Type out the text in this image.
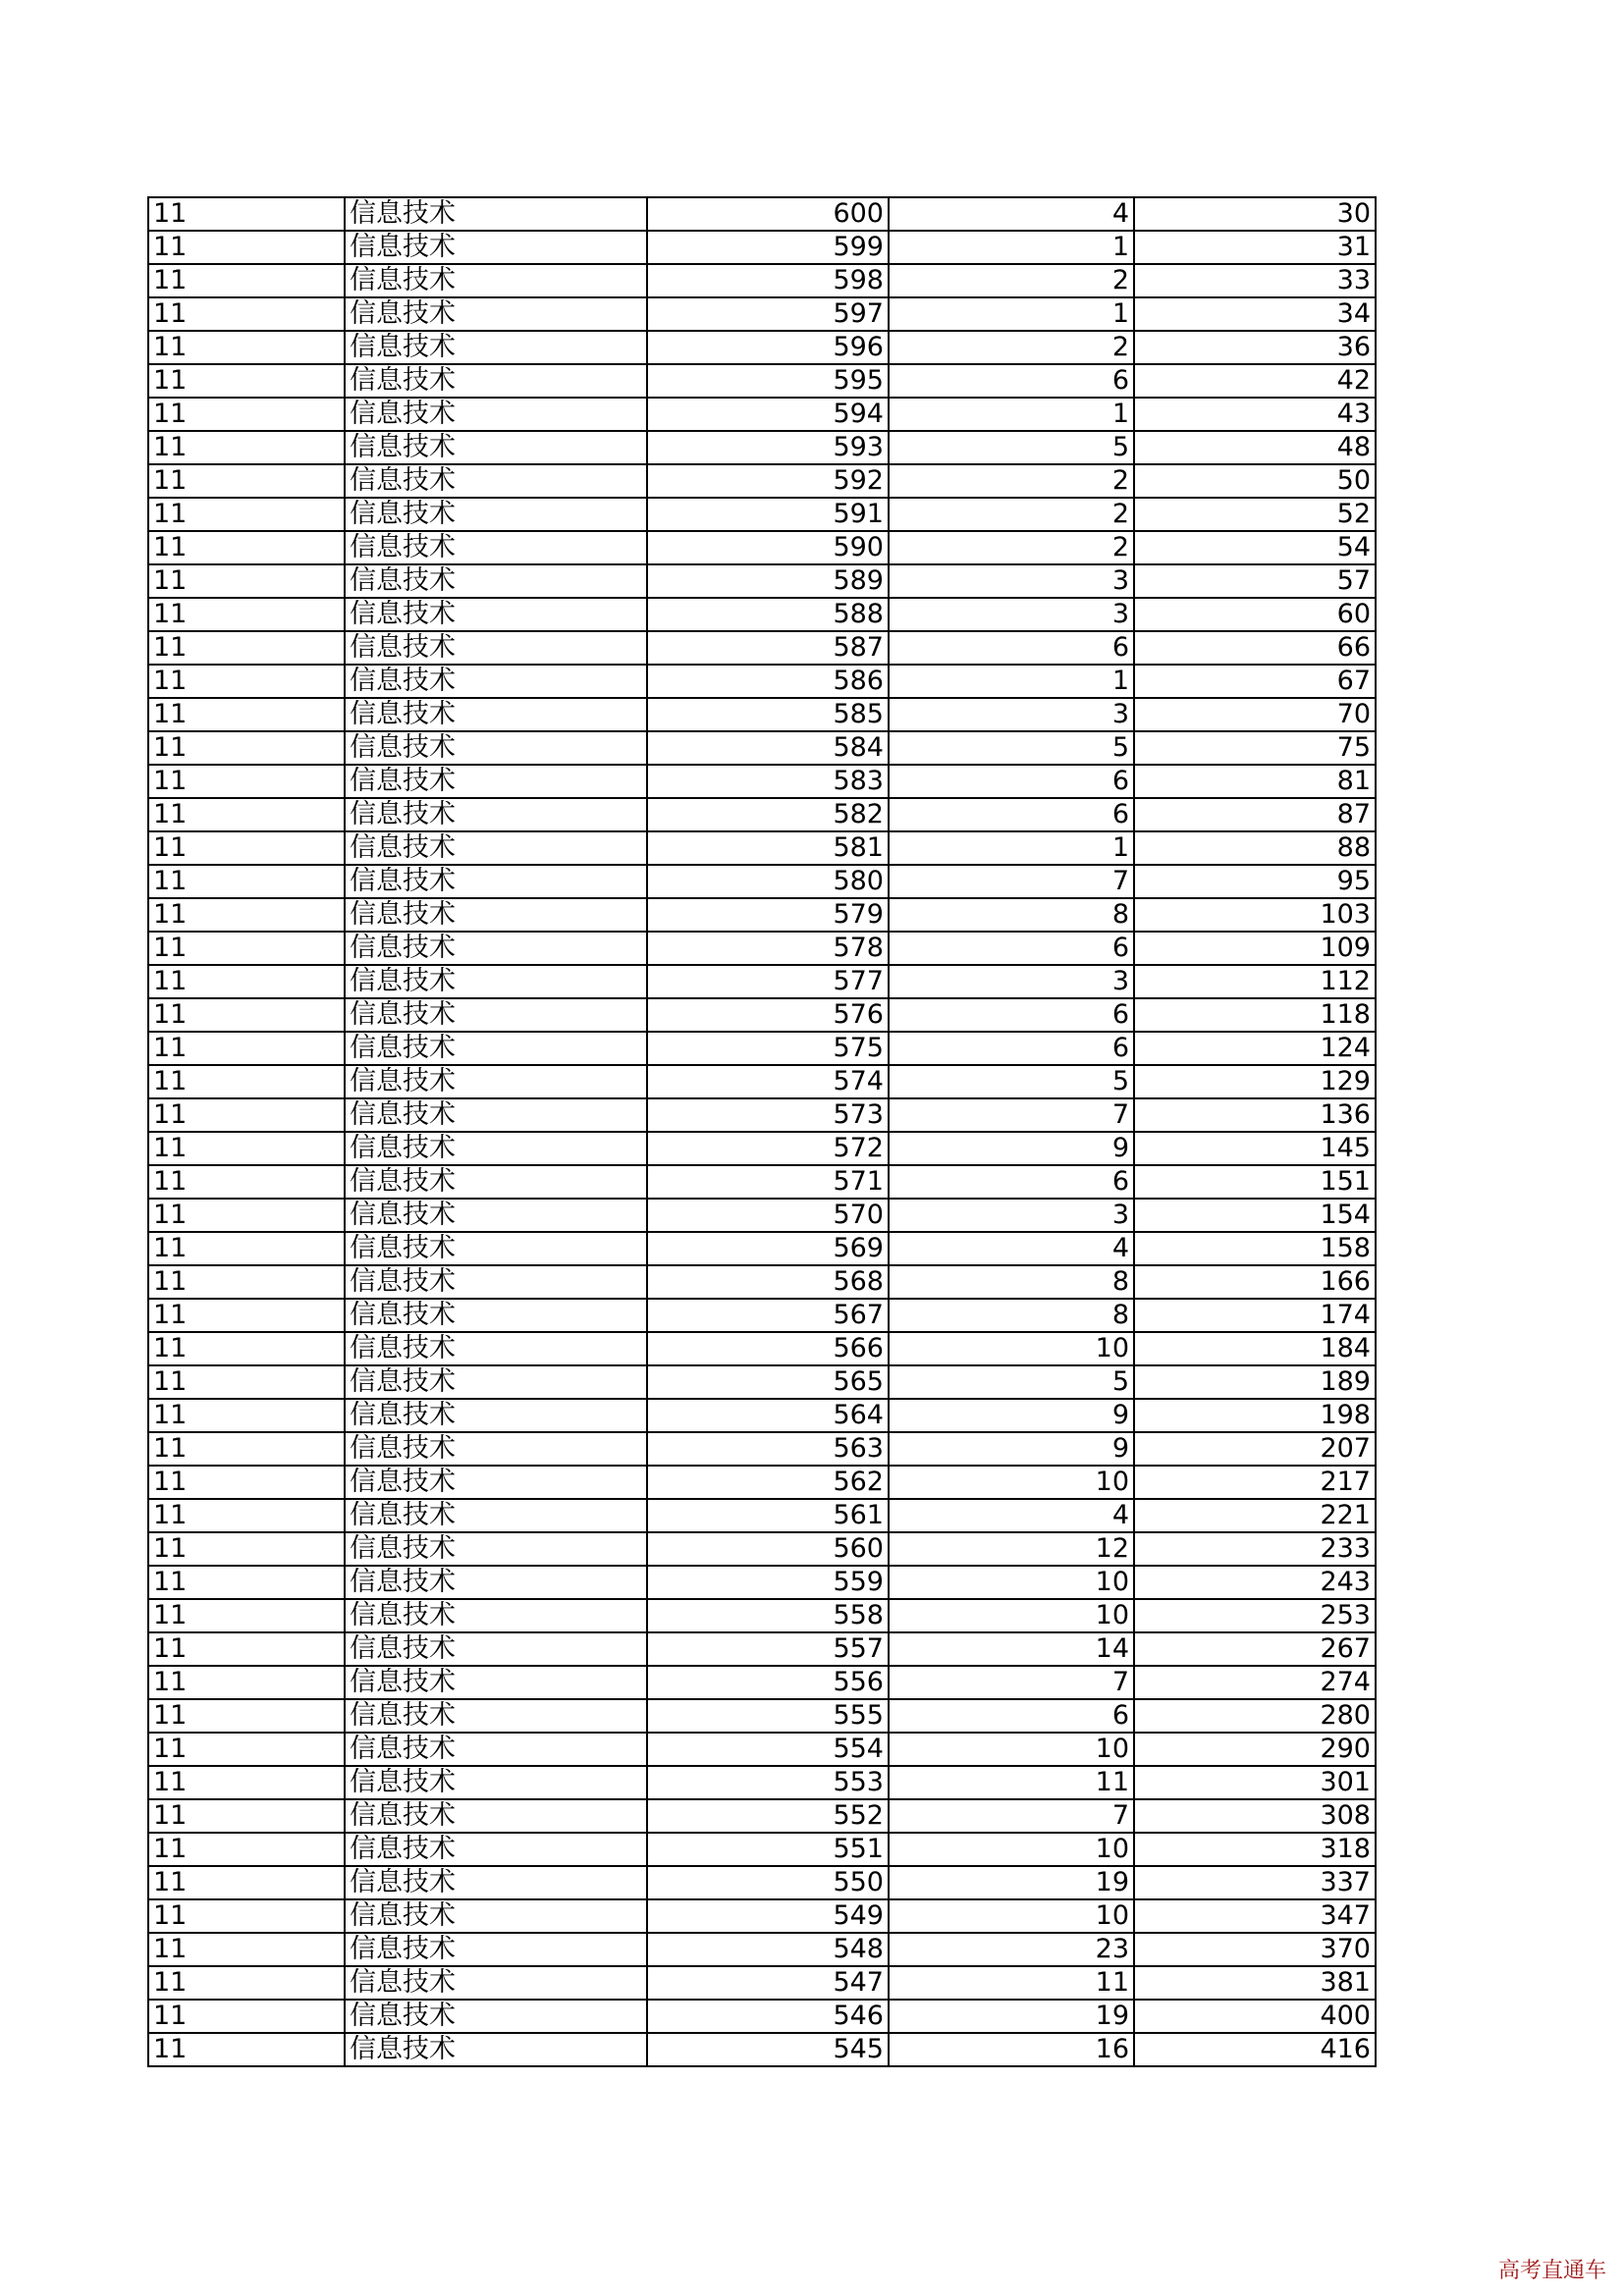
11	信息技术	600	4	30
11	信息技术	599	1	31
11	信息技术	598	2	33
11	信息技术	597	1	34
11	信息技术	596	2	36
11	信息技术	595	6	42
11	信息技术	594	1	43
11	信息技术	593	5	48
11	信息技术	592	2	50
11	信息技术	591	2	52
11	信息技术	590	2	54
11	信息技术	589	3	57
11	信息技术	588	3	60
11	信息技术	587	6	66
11	信息技术	586	1	67
11	信息技术	585	3	70
11	信息技术	584	5	75
11	信息技术	583	6	81
11	信息技术	582	6	87
11	信息技术	581	1	88
11	信息技术	580	7	95
11	信息技术	579	8	103
11	信息技术	578	6	109
11	信息技术	577	3	112
11	信息技术	576	6	118
11	信息技术	575	6	124
11	信息技术	574	5	129
11	信息技术	573	7	136
11	信息技术	572	9	145
11	信息技术	571	6	151
11	信息技术	570	3	154
11	信息技术	569	4	158
11	信息技术	568	8	166
11	信息技术	567	8	174
11	信息技术	566	10	184
11	信息技术	565	5	189
11	信息技术	564	9	198
11	信息技术	563	9	207
11	信息技术	562	10	217
11	信息技术	561	4	221
11	信息技术	560	12	233
11	信息技术	559	10	243
11	信息技术	558	10	253
11	信息技术	557	14	267
11	信息技术	556	7	274
11	信息技术	555	6	280
11	信息技术	554	10	290
11	信息技术	553	11	301
11	信息技术	552	7	308
11	信息技术	551	10	318
11	信息技术	550	19	337
11	信息技术	549	10	347
11	信息技术	548	23	370
11	信息技术	547	11	381
11	信息技术	546	19	400
11	信息技术	545	16	416
高考直通车
